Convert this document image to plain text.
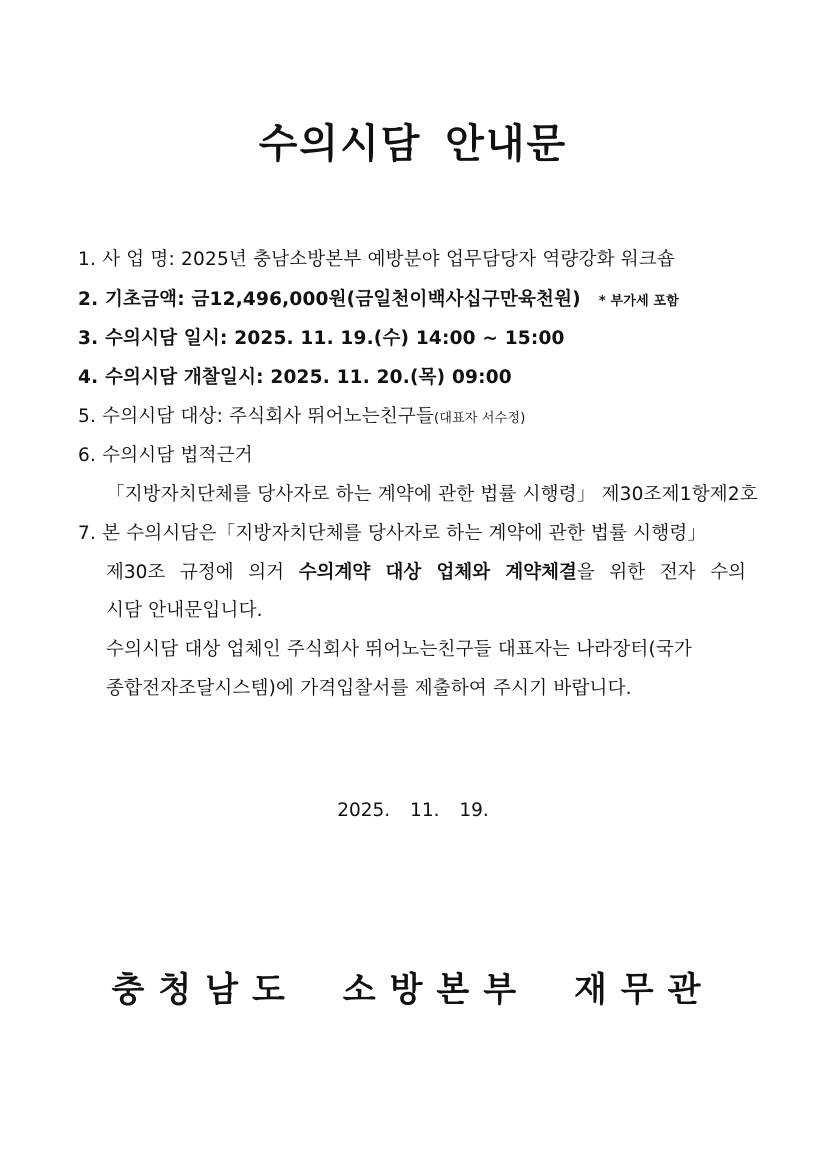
수의시담 안내문
1. 사 업 명: 2025년 충남소방본부 예방분야 업무담당자 역량강화 워크숍
2. 기초금액: 금12,496,000원(금일천이백사십구만육천원) * 부가세 포함
3. 수의시담 일시: 2025. 11. 19.(수) 14:00 ~ 15:00
4. 수의시담 개찰일시: 2025. 11. 20.(목) 09:00
5. 수의시담 대상: 주식회사 뛰어노는친구들(대표자 서수정)
6. 수의시담 법적근거
「지방자치단체를 당사자로 하는 계약에 관한 법률 시행령」 제30조제1항제2호
7. 본 수의시담은「지방자치단체를 당사자로 하는 계약에 관한 법률 시행령」
제30조 규정에 의거 수의계약 대상 업체와 계약체결을 위한 전자 수의
시담 안내문입니다.
수의시담 대상 업체인 주식회사 뛰어노는친구들 대표자는 나라장터(국가
종합전자조달시스템)에 가격입찰서를 제출하여 주시기 바랍니다.
2025. 11. 19.
충청남도 소방본부 재무관
